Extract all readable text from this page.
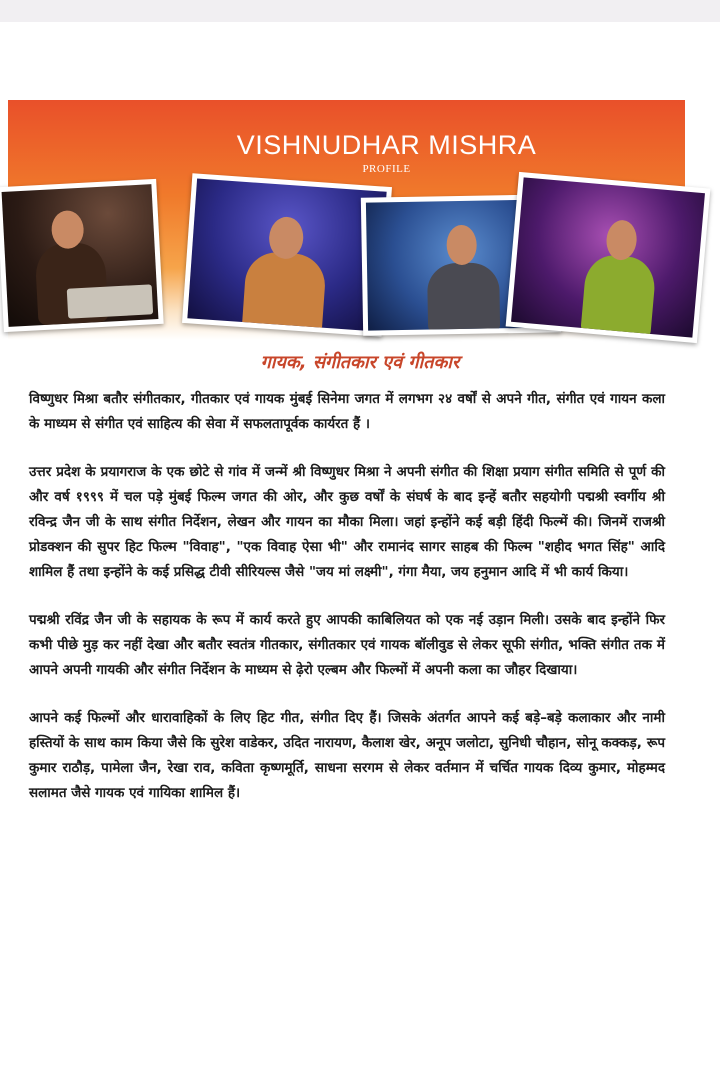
VISHNUDHAR MISHRA
PROFILE
गायक, संगीतकार एवं गीतकार

विष्णुधर मिश्रा बतौर संगीतकार, गीतकार एवं गायक मुंबई सिनेमा जगत में लगभग २४ वर्षों से अपने गीत, संगीत एवं गायन कला के माध्यम से संगीत एवं साहित्य की सेवा में सफलतापूर्वक कार्यरत हैं ।

उत्तर प्रदेश के प्रयागराज के एक छोटे से गांव में जन्में श्री विष्णुधर मिश्रा ने अपनी संगीत की शिक्षा प्रयाग संगीत समिति से पूर्ण की और वर्ष १९९९ में चल पड़े मुंबई फिल्म जगत की ओर, और कुछ वर्षों के संघर्ष के बाद इन्हें बतौर सहयोगी पद्मश्री स्वर्गीय श्री रविन्द्र जैन जी के साथ संगीत निर्देशन, लेखन और गायन का मौका मिला। जहां इन्होंने कई बड़ी हिंदी फिल्में की। जिनमें राजश्री प्रोडक्शन की सुपर हिट फिल्म "विवाह", "एक विवाह ऐसा भी" और रामानंद सागर साहब की फिल्म "शहीद भगत सिंह" आदि शामिल हैं तथा इन्होंने के कई प्रसिद्ध टीवी सीरियल्स जैसे "जय मां लक्ष्मी", गंगा मैया, जय हनुमान आदि में भी कार्य किया।

पद्मश्री रविंद्र जैन जी के सहायक के रूप में कार्य करते हुए आपकी काबिलियत को एक नई उड़ान मिली। उसके बाद इन्होंने फिर कभी पीछे मुड़ कर नहीं देखा और बतौर स्वतंत्र गीतकार, संगीतकार एवं गायक बॉलीवुड से लेकर सूफी संगीत, भक्ति संगीत तक में आपने अपनी गायकी और संगीत निर्देशन के माध्यम से ढ़ेरो एल्बम और फिल्मों में अपनी कला का जौहर दिखाया।

आपने कई फिल्मों और धारावाहिकों के लिए हिट गीत, संगीत दिए हैं। जिसके अंतर्गत आपने कई बड़े–बड़े कलाकार और नामी हस्तियों के साथ काम किया जैसे कि सुरेश वाडेकर, उदित नारायण, कैलाश खेर, अनूप जलोटा, सुनिधी चौहान, सोनू कक्कड़, रूप कुमार राठौड़, पामेला जैन, रेखा राव, कविता कृष्णमूर्ति, साधना सरगम से लेकर वर्तमान में चर्चित गायक दिव्य कुमार, मोहम्मद सलामत जैसे गायक एवं गायिका शामिल हैं।
